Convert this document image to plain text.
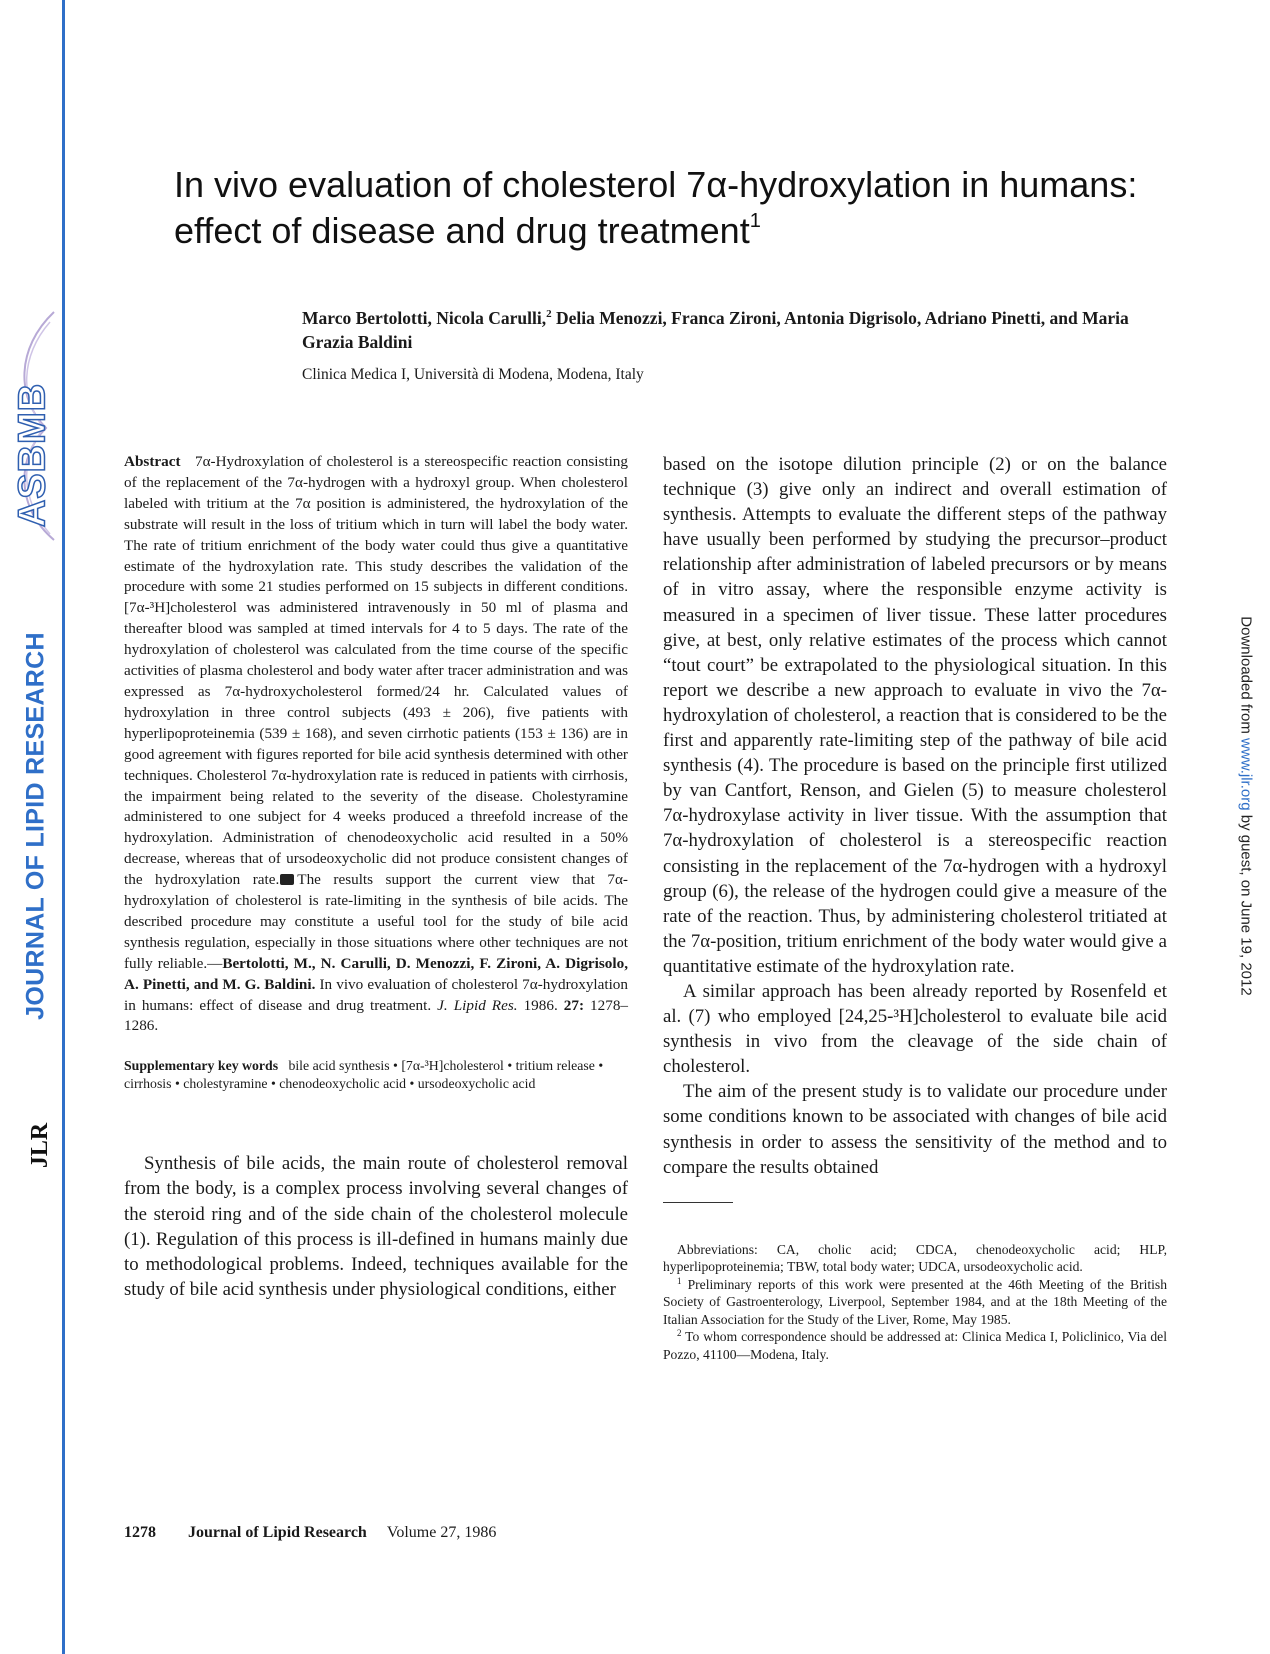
ASBMB
JOURNAL OF LIPID RESEARCH
JLR
Downloaded from www.jlr.org by guest, on June 19, 2012
In vivo evaluation of cholesterol 7α-hydroxylation in humans: effect of disease and drug treatment$^1$
Marco Bertolotti, Nicola Carulli,$^2$ Delia Menozzi, Franca Zironi, Antonia Digrisolo, Adriano Pinetti, and Maria Grazia Baldini
Clinica Medica I, Università di Modena, Modena, Italy

Abstract 7α-Hydroxylation of cholesterol is a stereospecific reaction consisting of the replacement of the 7α-hydrogen with a hydroxyl group. When cholesterol labeled with tritium at the 7α position is administered, the hydroxylation of the substrate will result in the loss of tritium which in turn will label the body water. The rate of tritium enrichment of the body water could thus give a quantitative estimate of the hydroxylation rate. This study describes the validation of the procedure with some 21 studies performed on 15 subjects in different conditions. [7α-³H]cholesterol was administered intravenously in 50 ml of plasma and thereafter blood was sampled at timed intervals for 4 to 5 days. The rate of the hydroxylation of cholesterol was calculated from the time course of the specific activities of plasma cholesterol and body water after tracer administration and was expressed as 7α-hydroxycholesterol formed/24 hr. Calculated values of hydroxylation in three control subjects (493 ± 206), five patients with hyperlipoproteinemia (539 ± 168), and seven cirrhotic patients (153 ± 136) are in good agreement with figures reported for bile acid synthesis determined with other techniques. Cholesterol 7α-hydroxylation rate is reduced in patients with cirrhosis, the impairment being related to the severity of the disease. Cholestyramine administered to one subject for 4 weeks produced a threefold increase of the hydroxylation. Administration of chenodeoxycholic acid resulted in a 50% decrease, whereas that of ursodeoxycholic did not produce consistent changes of the hydroxylation rate. The results support the current view that 7α-hydroxylation of cholesterol is rate-limiting in the synthesis of bile acids. The described procedure may constitute a useful tool for the study of bile acid synthesis regulation, especially in those situations where other techniques are not fully reliable.—Bertolotti, M., N. Carulli, D. Menozzi, F. Zironi, A. Digrisolo, A. Pinetti, and M. G. Baldini. In vivo evaluation of cholesterol 7α-hydroxylation in humans: effect of disease and drug treatment. J. Lipid Res. 1986. 27: 1278–1286.

Supplementary key words bile acid synthesis • [7α-³H]cholesterol • tritium release • cirrhosis • cholestyramine • chenodeoxycholic acid • ursodeoxycholic acid

Synthesis of bile acids, the main route of cholesterol removal from the body, is a complex process involving several changes of the steroid ring and of the side chain of the cholesterol molecule (1). Regulation of this process is ill-defined in humans mainly due to methodological problems. Indeed, techniques available for the study of bile acid synthesis under physiological conditions, either

based on the isotope dilution principle (2) or on the balance technique (3) give only an indirect and overall estimation of synthesis. Attempts to evaluate the different steps of the pathway have usually been performed by studying the precursor–product relationship after administration of labeled precursors or by means of in vitro assay, where the responsible enzyme activity is measured in a specimen of liver tissue. These latter procedures give, at best, only relative estimates of the process which cannot “tout court” be extrapolated to the physiological situation. In this report we describe a new approach to evaluate in vivo the 7α-hydroxylation of cholesterol, a reaction that is considered to be the first and apparently rate-limiting step of the pathway of bile acid synthesis (4). The procedure is based on the principle first utilized by van Cantfort, Renson, and Gielen (5) to measure cholesterol 7α-hydroxylase activity in liver tissue. With the assumption that 7α-hydroxylation of cholesterol is a stereospecific reaction consisting in the replacement of the 7α-hydrogen with a hydroxyl group (6), the release of the hydrogen could give a measure of the rate of the reaction. Thus, by administering cholesterol tritiated at the 7α-position, tritium enrichment of the body water would give a quantitative estimate of the hydroxylation rate.

A similar approach has been already reported by Rosenfeld et al. (7) who employed [24,25-³H]cholesterol to evaluate bile acid synthesis in vivo from the cleavage of the side chain of cholesterol.

The aim of the present study is to validate our procedure under some conditions known to be associated with changes of bile acid synthesis in order to assess the sensitivity of the method and to compare the results obtained

Abbreviations: CA, cholic acid; CDCA, chenodeoxycholic acid; HLP, hyperlipoproteinemia; TBW, total body water; UDCA, ursodeoxycholic acid.

$^1$ Preliminary reports of this work were presented at the 46th Meeting of the British Society of Gastroenterology, Liverpool, September 1984, and at the 18th Meeting of the Italian Association for the Study of the Liver, Rome, May 1985.

$^2$ To whom correspondence should be addressed at: Clinica Medica I, Policlinico, Via del Pozzo, 41100—Modena, Italy.

1278 Journal of Lipid Research Volume 27, 1986
